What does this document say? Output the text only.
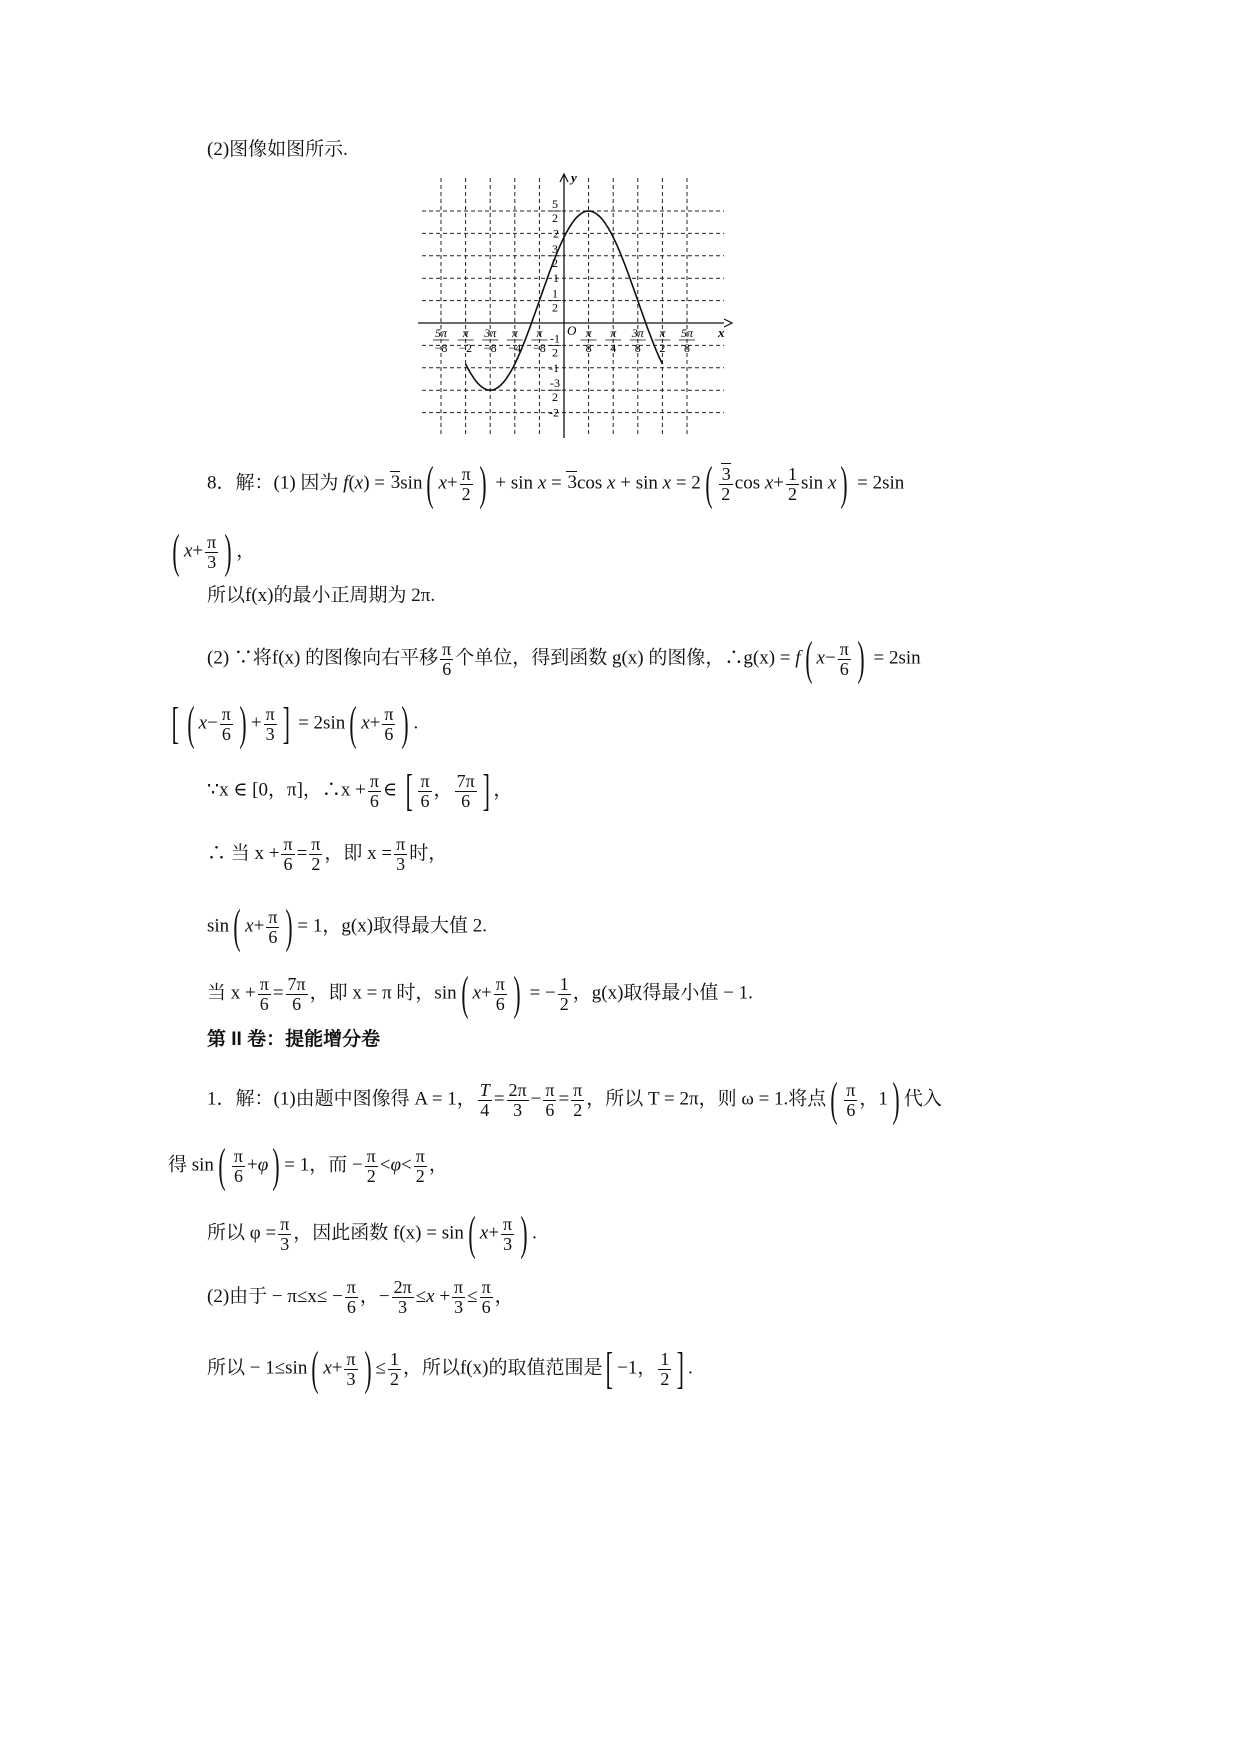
(2)图像如图所示.
y
x
O
5π
−8
π
−2
3π
−8
π
−4
π
−8
π
8
π
4
3π
8
π
2
5π
8
5
2
2
3
2
1
1
2
-1
2
-1
-3
2
-2
8．解：(1) 因为 f(x) = 3sin( $x+ \frac{\pi}{2}$ ) + sin x = 3cos $x + \sin x = 2( \frac{3}{2}$ $\cos x+ \frac{1}{2}$ sin x) = 2sin
( $x+ \frac{\pi}{3}$ ) ，
所以f(x)的最小正周期为 2π.
(2) ∵将f(x) 的图像向右平移 $\frac{\pi}{6}$ 个单位，得到函数 g(x) 的图像，∴g(x) = f( $x- \frac{\pi}{6}$ ) = 2sin
[ ( $x- \frac{\pi}{6}$ ) + $\frac{\pi}{3}$ ] = 2sin( $x+ \frac{\pi}{6}$ ) .
∵x ∈ [0，π]，∴x + $\frac{\pi}{6}$ ∈ [ $\frac{\pi}{6}$ ， $\frac{7\pi}{6}$ ] ，
∴ 当 $x + \frac{\pi}{6} = \frac{\pi}{2}$ ，即 $x = \frac{\pi}{3}$ 时，
sin( $x+ \frac{\pi}{6}$ ) = 1，g(x)取得最大值 2.
当 $x + \frac{\pi}{6} = \frac{7\pi}{6}$ ，即 x = π 时，sin( $x+ \frac{\pi}{6}$ ) = − $\frac{1}{2}$ ，g(x)取得最小值 − 1.
第 II 卷：提能增分卷
1．解：(1)由题中图像得 A = 1， $\frac{T}{4} = \frac{2\pi}{3} - \frac{\pi}{6} = \frac{\pi}{2}$ ，所以 T = 2π，则 ω = 1.将点( $\frac{\pi}{6}$ ，1) 代入
得 $\sin( \frac{\pi}{6} +\varphi) = 1$，而 − $\frac{\pi}{2} <\varphi< \frac{\pi}{2}$ ，
所以 $\varphi = \frac{\pi}{3}$ ，因此函数 f(x) = sin( $x+ \frac{\pi}{3}$ ) .
(2)由于 − $\pi\le x\le - \frac{\pi}{6}$ ，− $\frac{2\pi}{3} \le x + \frac{\pi}{3} \le \frac{\pi}{6}$ ，
所以 − 1≤sin( $x+ \frac{\pi}{3}$ ) ≤ $\frac{1}{2}$ ，所以f(x)的取值范围是[ −1， $\frac{1}{2}$ ] .
